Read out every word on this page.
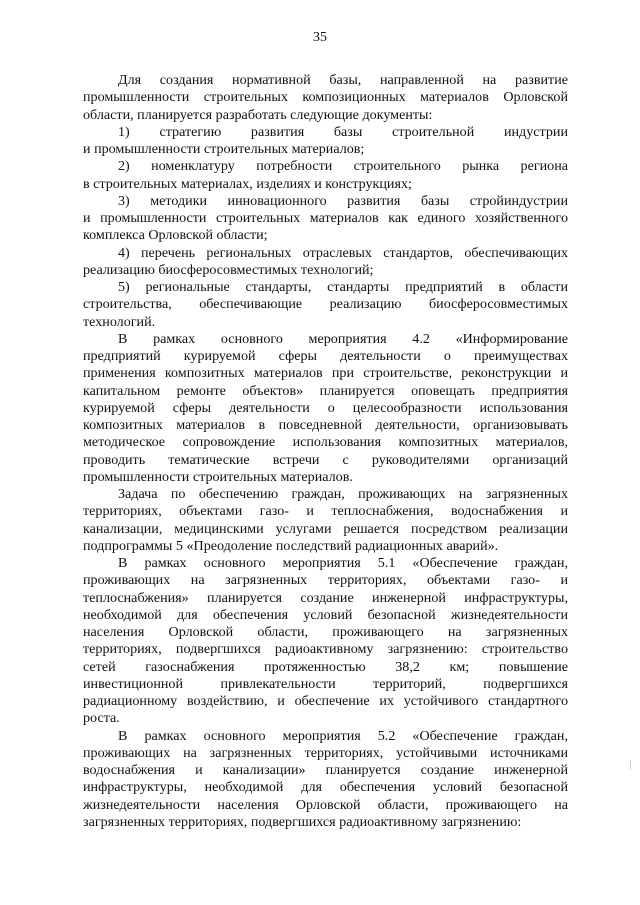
35
Для создания нормативной базы, направленной на развитие
промышленности строительных композиционных материалов Орловской
области, планируется разработать следующие документы:
1) стратегию развития базы строительной индустрии
и промышленности строительных материалов;
2) номенклатуру потребности строительного рынка региона
в строительных материалах, изделиях и конструкциях;
3) методики инновационного развития базы стройиндустрии
и промышленности строительных материалов как единого хозяйственного
комплекса Орловской области;
4) перечень региональных отраслевых стандартов, обеспечивающих
реализацию биосферосовместимых технологий;
5) региональные стандарты, стандарты предприятий в области
строительства, обеспечивающие реализацию биосферосовместимых
технологий.
В рамках основного мероприятия 4.2 «Информирование
предприятий курируемой сферы деятельности о преимуществах
применения композитных материалов при строительстве, реконструкции и
капитальном ремонте объектов» планируется оповещать предприятия
курируемой сферы деятельности о целесообразности использования
композитных материалов в повседневной деятельности, организовывать
методическое сопровождение использования композитных материалов,
проводить тематические встречи с руководителями организаций
промышленности строительных материалов.
Задача по обеспечению граждан, проживающих на загрязненных
территориях, объектами газо- и теплоснабжения, водоснабжения и
канализации, медицинскими услугами решается посредством реализации
подпрограммы 5 «Преодоление последствий радиационных аварий».
В рамках основного мероприятия 5.1 «Обеспечение граждан,
проживающих на загрязненных территориях, объектами газо- и
теплоснабжения» планируется создание инженерной инфраструктуры,
необходимой для обеспечения условий безопасной жизнедеятельности
населения Орловской области, проживающего на загрязненных
территориях, подвергшихся радиоактивному загрязнению: строительство
сетей газоснабжения протяженностью 38,2 км; повышение
инвестиционной привлекательности территорий, подвергшихся
радиационному воздействию, и обеспечение их устойчивого стандартного
роста.
В рамках основного мероприятия 5.2 «Обеспечение граждан,
проживающих на загрязненных территориях, устойчивыми источниками
водоснабжения и канализации» планируется создание инженерной
инфраструктуры, необходимой для обеспечения условий безопасной
жизнедеятельности населения Орловской области, проживающего на
загрязненных территориях, подвергшихся радиоактивному загрязнению:
